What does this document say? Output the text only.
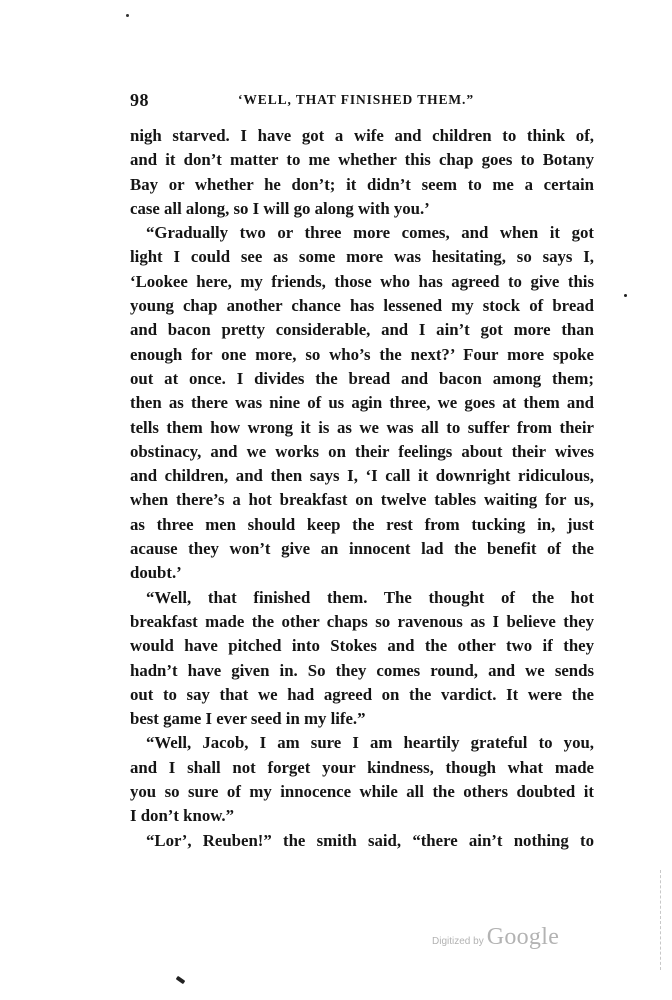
98	‘WELL, THAT FINISHED THEM.”
nigh starved. I have got a wife and children to think of,
and it don’t matter to me whether this chap goes to Botany
Bay or whether he don’t; it didn’t seem to me a certain
case all along, so I will go along with you.’
“Gradually two or three more comes, and when it got
light I could see as some more was hesitating, so says I,
‘Lookee here, my friends, those who has agreed to give this
young chap another chance has lessened my stock of bread
and bacon pretty considerable, and I ain’t got more than
enough for one more, so who’s the next?’ Four more spoke
out at once. I divides the bread and bacon among them;
then as there was nine of us agin three, we goes at them and
tells them how wrong it is as we was all to suffer from their
obstinacy, and we works on their feelings about their wives
and children, and then says I, ‘I call it downright ridiculous,
when there’s a hot breakfast on twelve tables waiting for us,
as three men should keep the rest from tucking in, just
acause they won’t give an innocent lad the benefit of the
doubt.’
“Well, that finished them. The thought of the hot
breakfast made the other chaps so ravenous as I believe they
would have pitched into Stokes and the other two if they
hadn’t have given in. So they comes round, and we sends
out to say that we had agreed on the vardict. It were the
best game I ever seed in my life.”
“Well, Jacob, I am sure I am heartily grateful to you,
and I shall not forget your kindness, though what made
you so sure of my innocence while all the others doubted it
I don’t know.”
“Lor’, Reuben!” the smith said, “there ain’t nothing to
Digitized by Google
